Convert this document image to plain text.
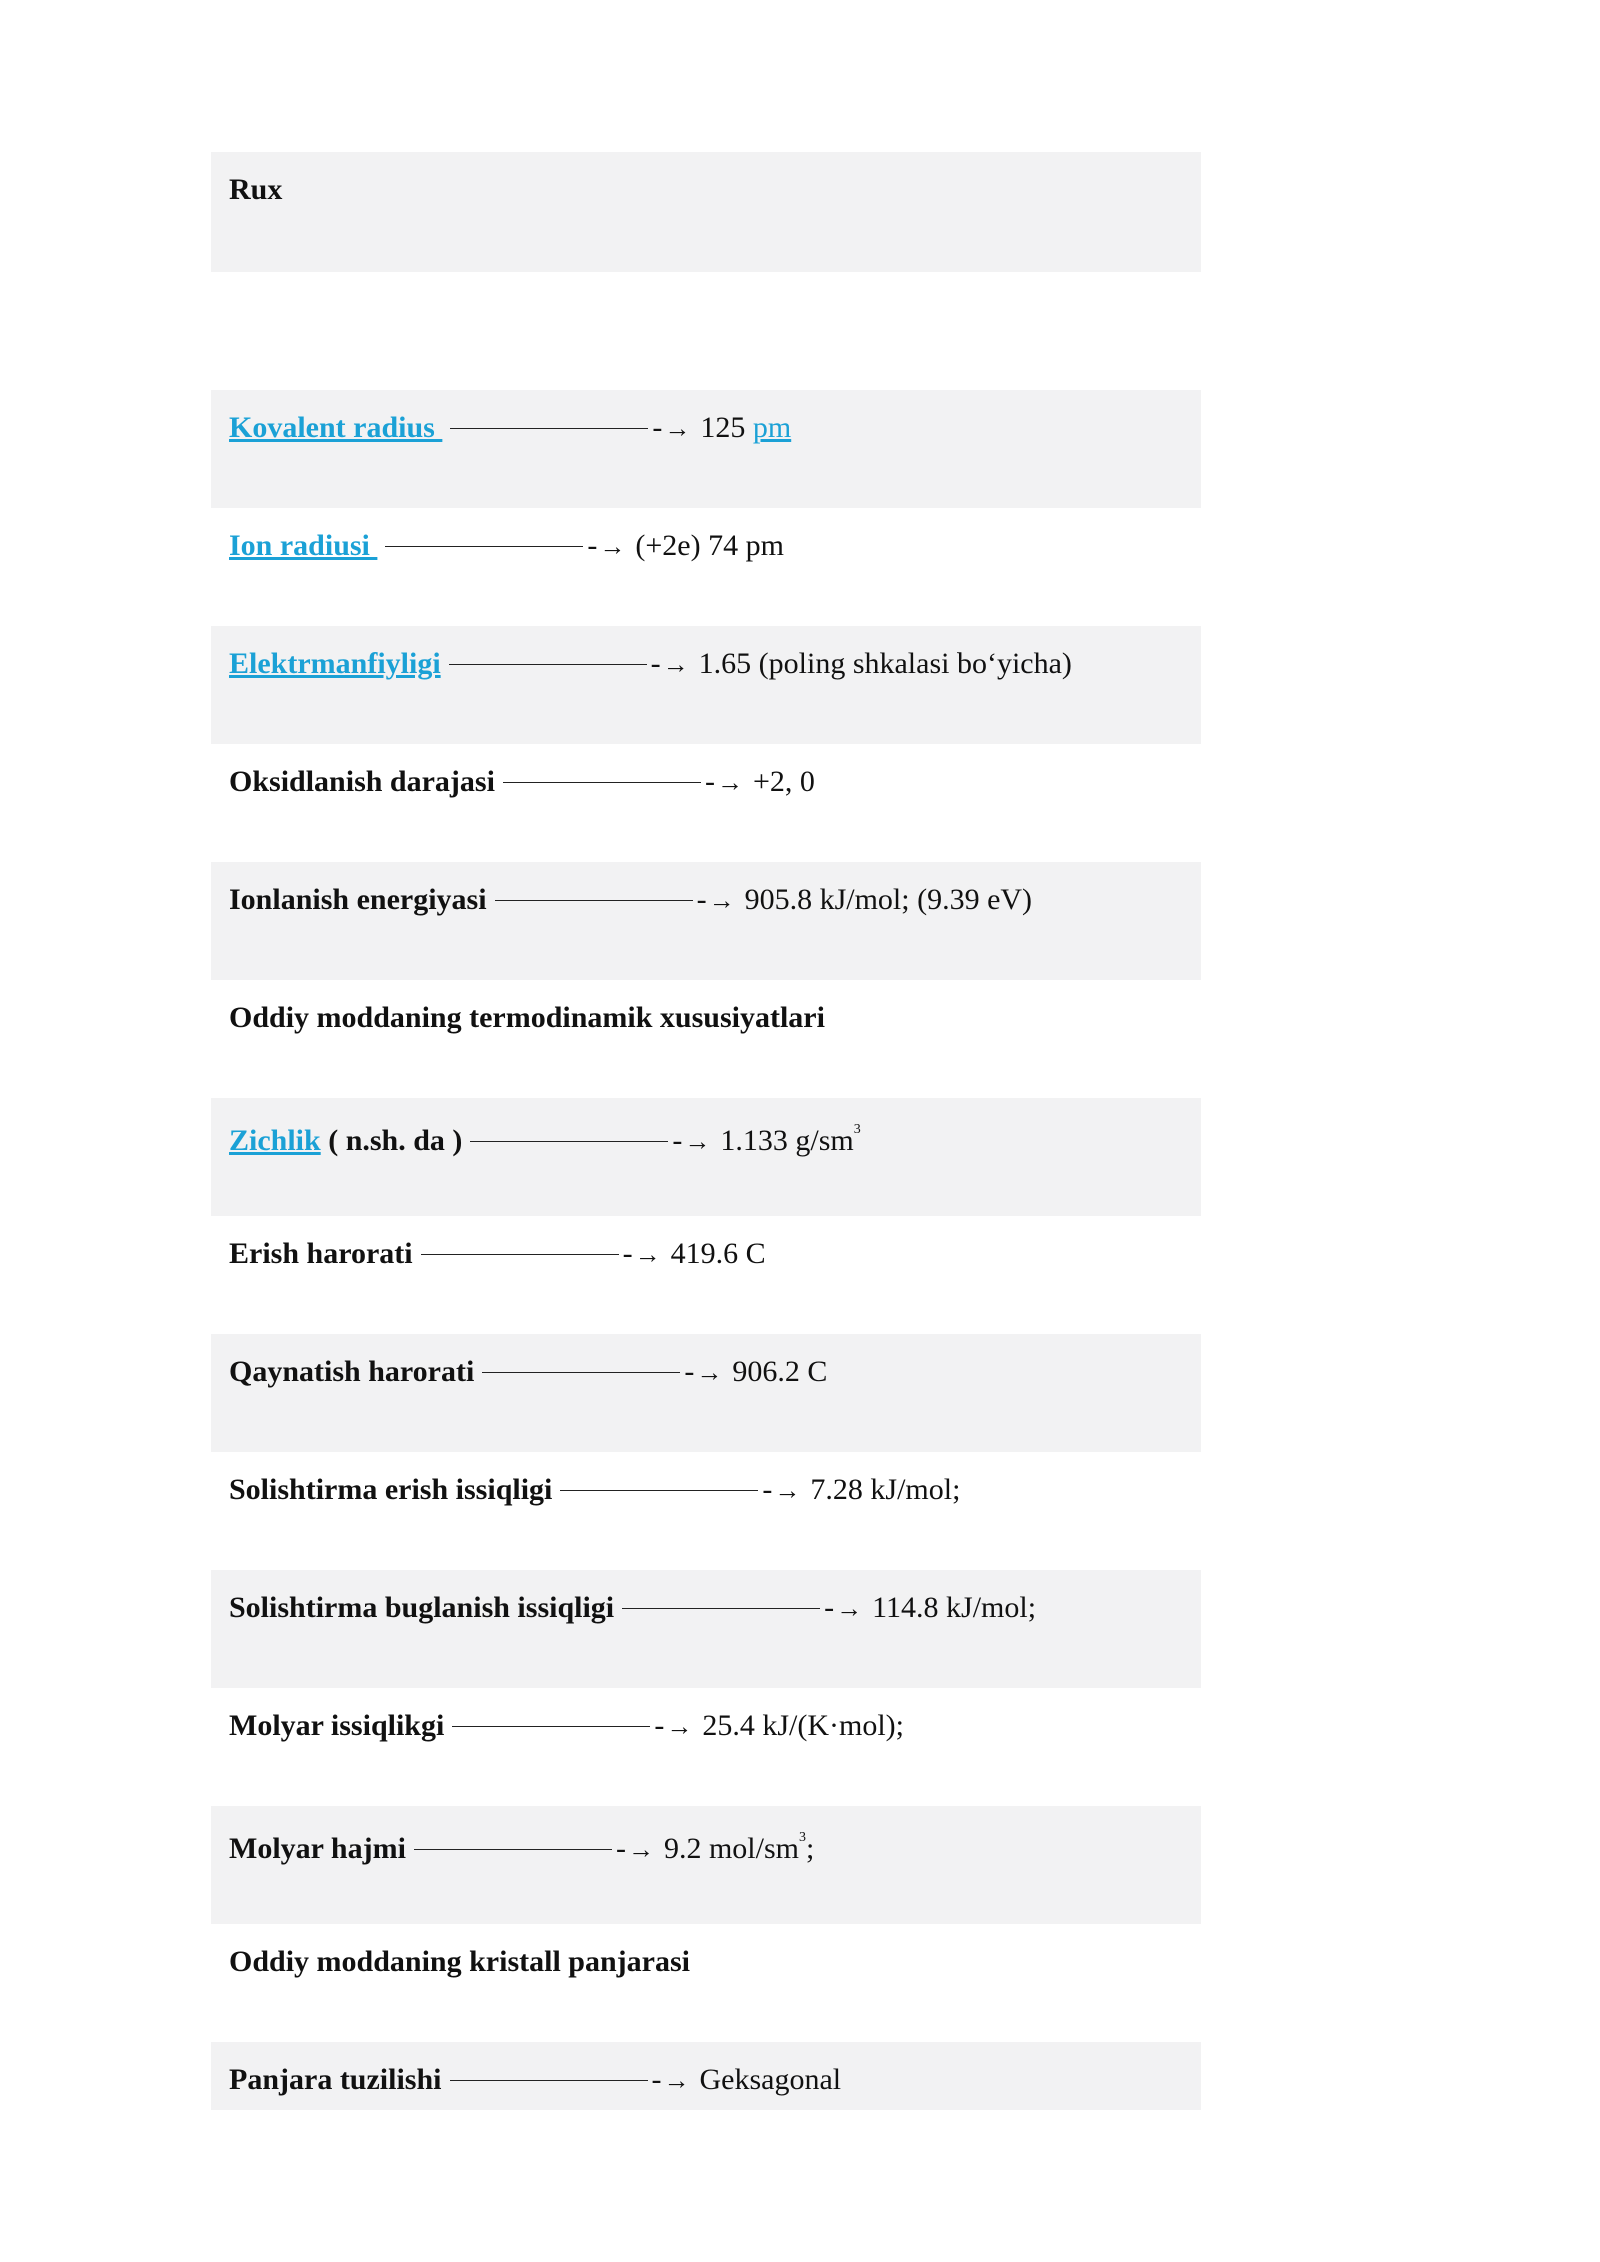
Rux
Kovalent radius	-→ 125 pm
Ion radiusi	-→ (+2e) 74 pm
Elektrmanfiyligi	-→ 1.65 (poling shkalasi bo‘yicha)
Oksidlanish darajasi	-→ +2, 0
Ionlanish energiyasi	-→ 905.8 kJ/mol; (9.39 eV)
Oddiy moddaning termodinamik xususiyatlari
Zichlik ( n.sh. da )	-→ 1.133 $g/sm^3$
Erish harorati	-→ 419.6 C
Qaynatish harorati	-→ 906.2 C
Solishtirma erish issiqligi	-→ 7.28 kJ/mol;
Solishtirma buglanish issiqligi	-→ 114.8 kJ/mol;
Molyar issiqlikgi	-→ 25.4 kJ/(K·mol);
Molyar hajmi	-→ 9.2 mol/$sm^3$;
Oddiy moddaning kristall panjarasi
Panjara tuzilishi	-→ Geksagonal
